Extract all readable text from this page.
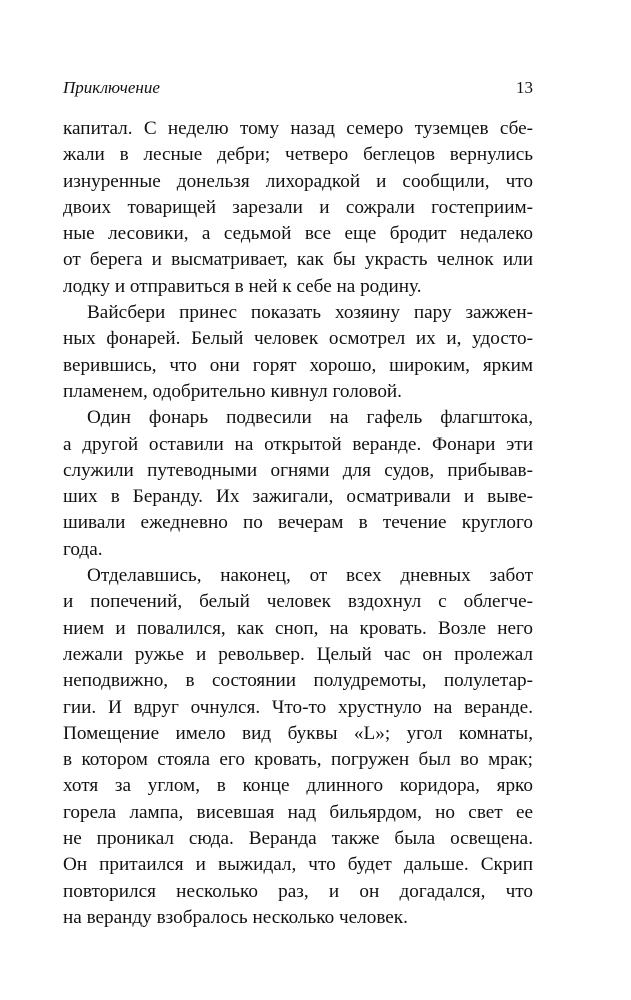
Приключение	13

капитал. С неделю тому назад семеро туземцев сбе-
жали в лесные дебри; четверо беглецов вернулись
изнуренные донельзя лихорадкой и сообщили, что
двоих товарищей зарезали и сожрали гостеприим-
ные лесовики, а седьмой все еще бродит недалеко
от берега и высматривает, как бы украсть челнок или
лодку и отправиться в ней к себе на родину.

Вайсбери принес показать хозяину пару зажжен-
ных фонарей. Белый человек осмотрел их и, удосто-
верившись, что они горят хорошо, широким, ярким
пламенем, одобрительно кивнул головой.

Один фонарь подвесили на гафель флагштока,
а другой оставили на открытой веранде. Фонари эти
служили путеводными огнями для судов, прибывав-
ших в Беранду. Их зажигали, осматривали и выве-
шивали ежедневно по вечерам в течение круглого
года.

Отделавшись, наконец, от всех дневных забот
и попечений, белый человек вздохнул с облегче-
нием и повалился, как сноп, на кровать. Возле него
лежали ружье и револьвер. Целый час он пролежал
неподвижно, в состоянии полудремоты, полулетар-
гии. И вдруг очнулся. Что-то хрустнуло на веранде.
Помещение имело вид буквы «L»; угол комнаты,
в котором стояла его кровать, погружен был во мрак;
хотя за углом, в конце длинного коридора, ярко
горела лампа, висевшая над бильярдом, но свет ее
не проникал сюда. Веранда также была освещена.
Он притаился и выжидал, что будет дальше. Скрип
повторился несколько раз, и он догадался, что
на веранду взобралось несколько человек.
